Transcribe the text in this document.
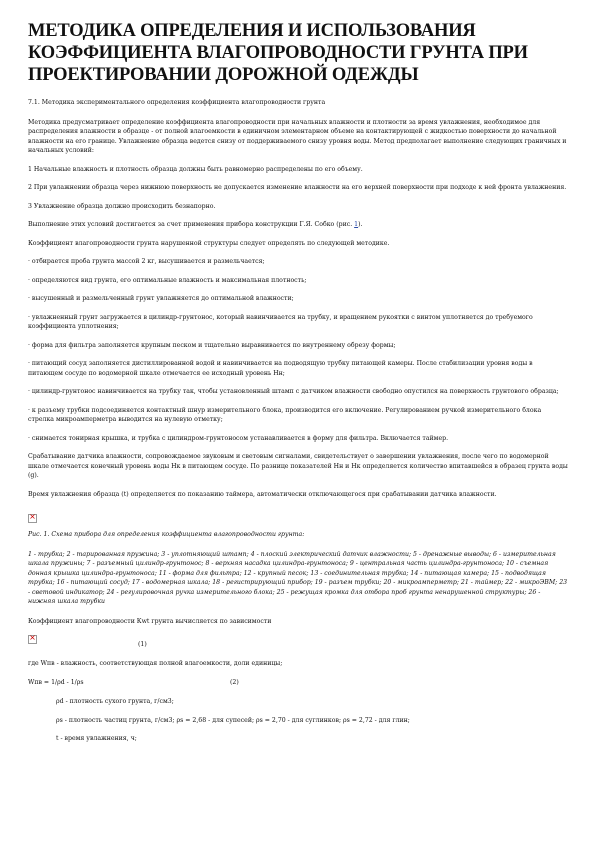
МЕТОДИКА ОПРЕДЕЛЕНИЯ И ИСПОЛЬЗОВАНИЯ КОЭФФИЦИЕНТА ВЛАГОПРОВОДНОСТИ ГРУНТА ПРИ ПРОЕКТИРОВАНИИ ДОРОЖНОЙ ОДЕЖДЫ

7.1. Методика экспериментального определения коэффициента влагопроводности грунта

Методика предусматривает определение коэффициента влагопроводности при начальных влажности и плотности за время увлажнения, необходимое для распределения влажности в образце - от полной влагоемкости в единичном элементарном объеме на контактирующей с жидкостью поверхности до начальной влажности на его границе. Увлажнение образца ведется снизу от поддерживаемого снизу уровня воды. Метод предполагает выполнение следующих граничных и начальных условий:

1 Начальные влажность и плотность образца должны быть равномерно распределены по его объему.

2 При увлажнении образца через нижнюю поверхность не допускается изменение влажности на его верхней поверхности при подходе к ней фронта увлажнения.

3 Увлажнение образца должно происходить безнапорно.

Выполнение этих условий достигается за счет применения прибора конструкции Г.Я. Собко (рис. 1).

Коэффициент влагопроводности грунта нарушенной структуры следует определять по следующей методике.

· отбирается проба грунта массой 2 кг, высушивается и размельчается;

· определяются вид грунта, его оптимальные влажность и максимальная плотность;

· высушенный и размельченный грунт увлажняется до оптимальной влажности;

· увлажненный грунт загружается в цилиндр-грунтонос, который навинчивается на трубку, и вращением рукоятки с винтом уплотняется до требуемого коэффициента уплотнения;

· форма для фильтра заполняется крупным песком и тщательно выравнивается по внутреннему обрезу формы;

· питающий сосуд заполняется дистиллированной водой и навинчивается на подводящую трубку питающей камеры. После стабилизации уровня воды в питающем сосуде по водомерной шкале отмечается ее исходный уровень Нн;

· цилиндр-грунтонос навинчивается на трубку так, чтобы установленный штамп с датчиком влажности свободно опустился на поверхность грунтового образца;

· к разъему трубки подсоединяется контактный шнур измерительного блока, производится его включение. Регулированием ручкой измерительного блока стрелка микроамперметра выводится на нулевую отметку;

· снимается тонирная крышка, и трубка с цилиндром-грунтоносом устанавливается в форму для фильтра. Включается таймер.

Срабатывание датчика влажности, сопровождаемое звуковым и световым сигналами, свидетельствует о завершении увлажнения, после чего по водомерной шкале отмечается конечный уровень воды Нк в питающем сосуде. По разнице показателей Нн и Нк определяется количество впитавшейся в образец грунта воды (g).

Время увлажнения образца (t) определяется по показанию таймера, автоматически отключающегося при срабатывании датчика влажности.

×

Рис. 1. Схема прибора для определения коэффициента влагопроводности грунта:

1 - трубка; 2 - тарированная пружина; 3 - уплотняющий штамп; 4 - плоский электрический датчик влажности; 5 - дренажные выводы; 6 - измерительная шкала пружины; 7 - разъемный цилиндр-грунтонос; 8 - верхняя насадка цилиндра-грунтоноса; 9 - центральная часть цилиндра-грунтоноса; 10 - съемная донная крышка цилиндра-грунтоноса; 11 - форма для фильтра; 12 - крупный песок; 13 - соединительная трубка; 14 - питающая камера; 15 - подводящая трубка; 16 - питающий сосуд; 17 - водомерная шкала; 18 - регистрирующий прибор; 19 - разъем трубки; 20 - микроамперметр; 21 - таймер; 22 - микроЭВМ; 23 - световой индикатор; 24 - регулировочная ручка измерительного блока; 25 - режущая кромка для отбора проб грунта ненарушенной структуры; 26 - нижняя шкала трубки

Коэффициент влагопроводности Кwt грунта вычисляется по зависимости

×
(1)

где Wпв - влажность, соответствующая полной влагоемкости, доли единицы;

Wпв = 1/ρd - 1/ρs	(2)

ρd - плотность сухого грунта, г/см3;

ρs - плотность частиц грунта, г/см3; ρs = 2,68 - для супесей; ρs = 2,70 - для суглинков; ρs = 2,72 - для глин;

t - время увлажнения, ч;
